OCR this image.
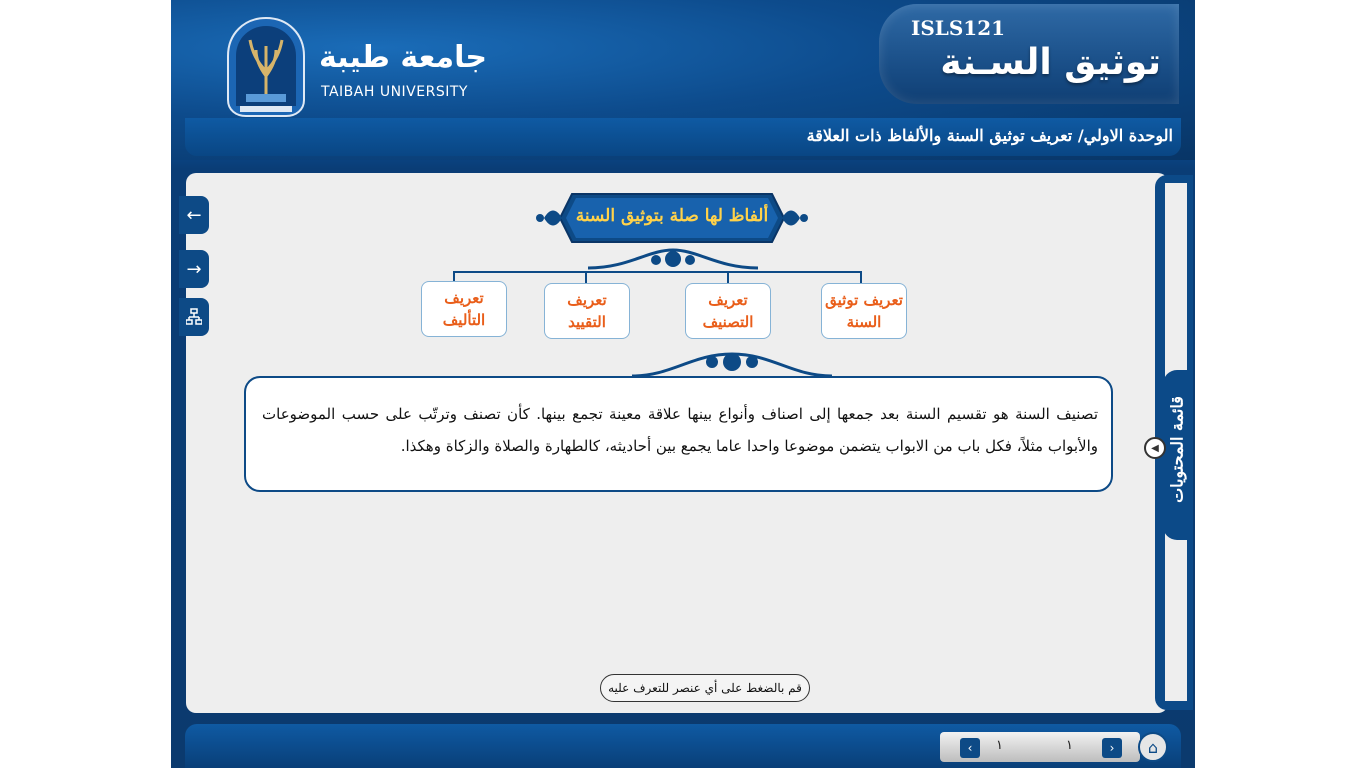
جامعة طيبة
TAIBAH UNIVERSITY
ISLS121
توثيق السـنة
الوحدة الاولي/ تعريف توثيق السنة والألفاظ ذات العلاقة
←
→
قائمة المحتويات
◀
ألفاظ لها صلة بتوثيق السنة
تعريف توثيق السنة
تعريف التصنيف
تعريف التقييد
تعريف التأليف
تصنيف السنة هو تقسيم السنة بعد جمعها إلى اصناف وأنواع بينها علاقة معينة تجمع بينها. كأن تصنف وترتّب على حسب الموضوعات والأبواب مثلاً، فكل باب من الابواب يتضمن موضوعا واحدا عاما يجمع بين أحاديثه، كالطهارة والصلاة والزكاة وهكذا.
قم بالضغط على أي عنصر للتعرف عليه
‹ ١	١	› ⌂
